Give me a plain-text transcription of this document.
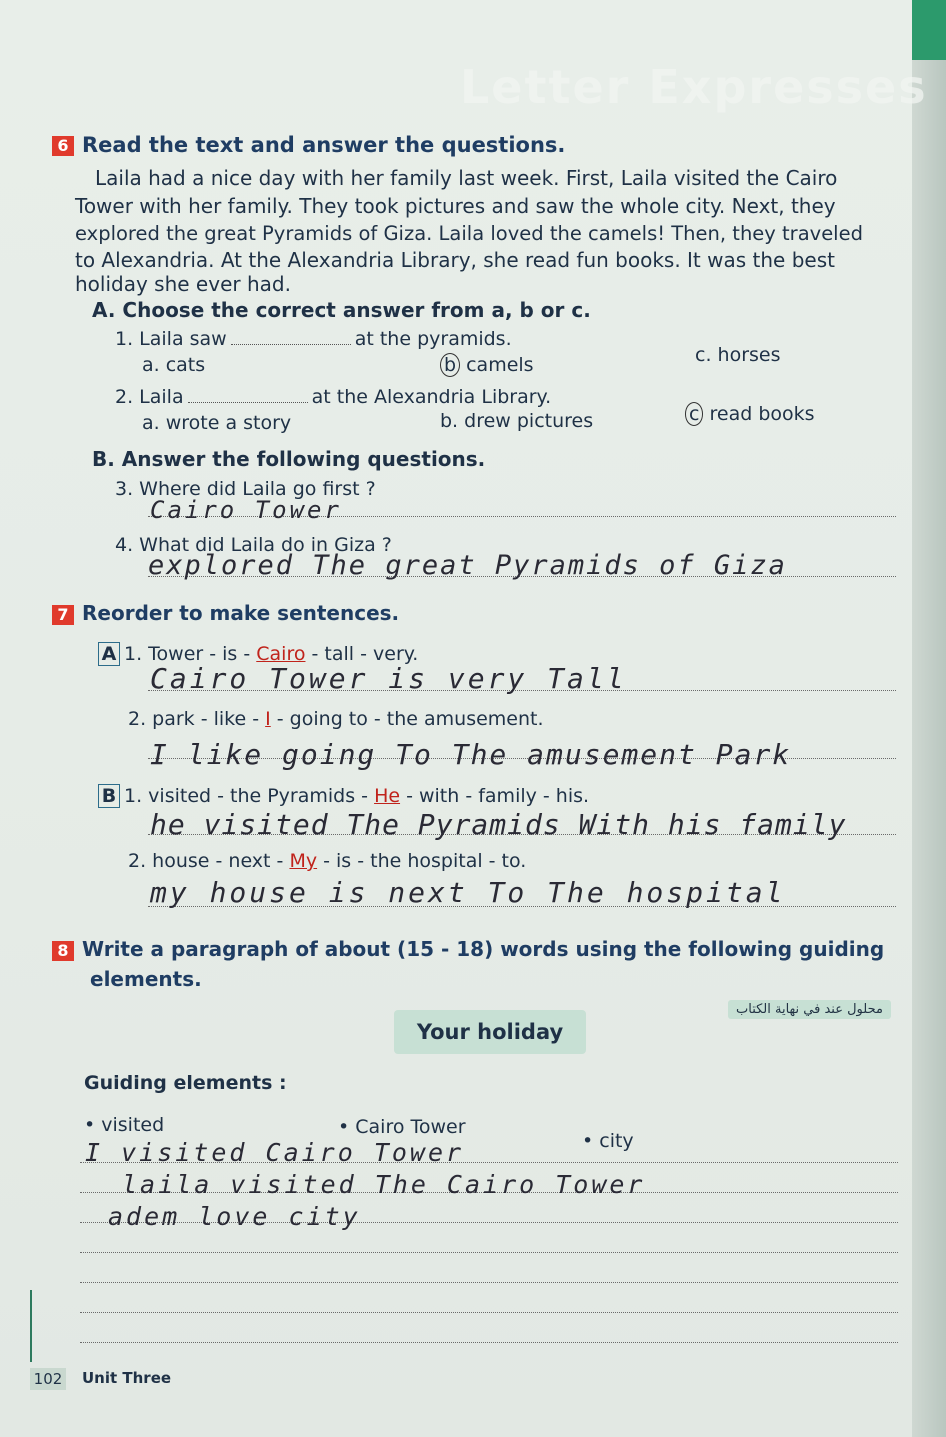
Letter Expresses
6 Read the text and answer the questions.
Laila had a nice day with her family last week. First, Laila visited the Cairo
Tower with her family. They took pictures and saw the whole city. Next, they
explored the great Pyramids of Giza. Laila loved the camels! Then, they traveled
to Alexandria. At the Alexandria Library, she read fun books. It was the best
holiday she ever had.
A. Choose the correct answer from a, b or c.
1. Laila saw	at the pyramids.
a. cats	b camels	c. horses
2. Laila	at the Alexandria Library.
a. wrote a story	b. drew pictures	c read books
B. Answer the following questions.
3. Where did Laila go first ?
Cairo Tower
4. What did Laila do in Giza ?
explored The great Pyramids of Giza
7 Reorder to make sentences.
A 1. Tower - is - Cairo - tall - very.
Cairo Tower is very Tall
2. park - like - I - going to - the amusement.
I like going To The amusement Park
B 1. visited - the Pyramids - He - with - family - his.
he visited The Pyramids With his family
2. house - next - My - is - the hospital - to.
my house is next To The hospital
8 Write a paragraph of about (15 - 18) words using the following guiding
elements.
محلول عند في نهاية الكتاب
Your holiday
Guiding elements :
• visited	• Cairo Tower
• city
I visited Cairo Tower
laila visited The Cairo Tower
adem love city
102 Unit Three
